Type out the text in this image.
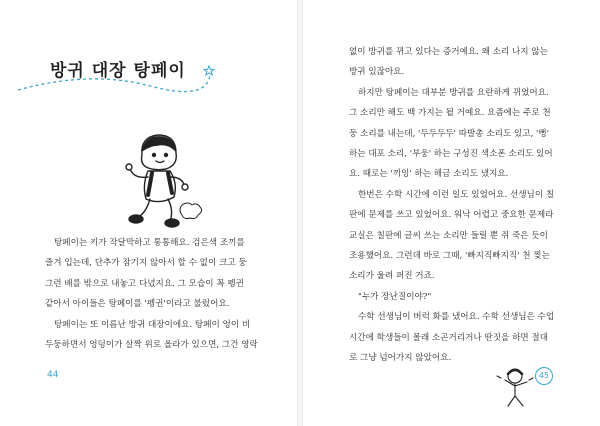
방귀 대장 탕페이

탕페이는 키가 작달막하고 통통해요. 검은색 조끼를

즐겨 입는데, 단추가 잠기지 않아서 할 수 없이 크고 둥

그런 배를 밖으로 내놓고 다녔지요. 그 모습이 꼭 펭귄

같아서 아이들은 탕페이를 '펭귄'이라고 불렀어요.

탕페이는 또 이름난 방귀 대장이에요. 탕페이 엉이 비

두둥하면서 엉덩이가 살짝 위로 올라가 있으면, 그건 영락

44

없이 방귀를 뀌고 있다는 증거예요. 왜 소리 나지 않는

방귀 있잖아요.

하지만 탕페이는 대부분 방귀를 요란하게 뀌었어요.

그 소리만 해도 백 가지는 될 거예요. 요즘에는 주로 천

둥 소리를 내는데, '두두두두' 따발총 소리도 있고, '뻥'

하는 대포 소리, '부웅' 하는 구성진 색소폰 소리도 있어

요. 때로는 '끼잉' 하는 해금 소리도 냈지요.

한번은 수학 시간에 이런 일도 있었어요. 선생님이 칠

판에 문제를 쓰고 있었어요. 워낙 어렵고 중요한 문제라

교실은 칠판에 글씨 쓰는 소리만 들릴 뿐 쥐 죽은 듯이

조용했어요. 그런데 바로 그때, '빠지직빠지직' 천 찢는

소리가 울려 퍼진 거죠.

"누가 장난질이야?"

수학 선생님이 버럭 화를 냈어요. 수학 선생님은 수업

시간에 학생들이 몰래 소곤거리거나 딴짓을 하면 절대

로 그냥 넘어가지 않았어요.

45
